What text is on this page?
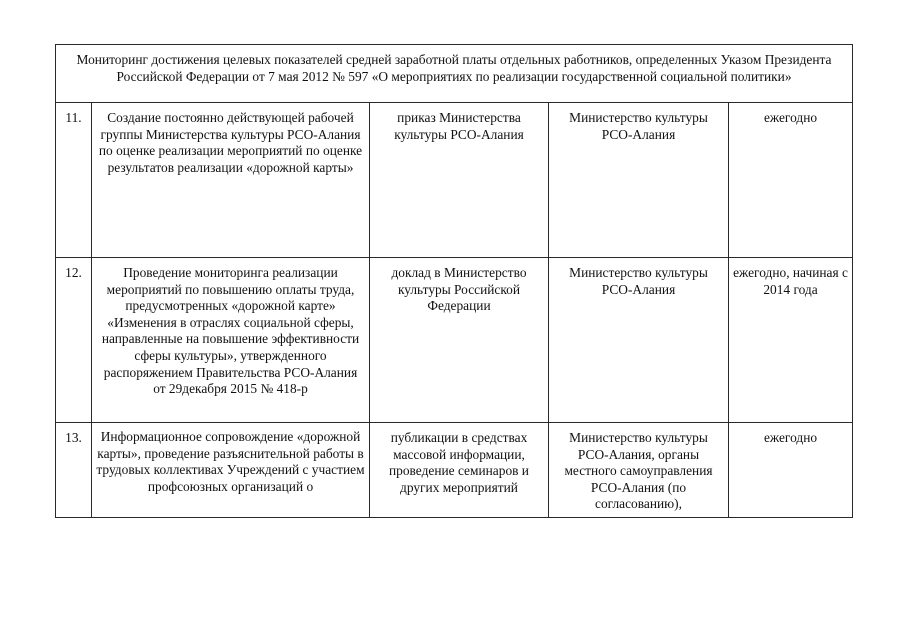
Мониторинг достижения целевых показателей средней заработной платы отдельных работников, определенных Указом Президента Российской Федерации от 7 мая 2012 № 597 «О мероприятиях по реализации государственной социальной политики»				
11.	Создание постоянно действующей рабочей группы Министерства культуры РСО-Алания по оценке реализации мероприятий по оценке результатов реализации «дорожной карты»	приказ Министерства культуры РСО-Алания	Министерство культуры РСО-Алания	ежегодно
12.	Проведение мониторинга реализации мероприятий по повышению оплаты труда, предусмотренных «дорожной карте» «Изменения в отраслях социальной сферы, направленные на повышение эффективности сферы культуры», утвержденного распоряжением Правительства РСО-Алания от 29декабря 2015 № 418-р	доклад в Министерство культуры Российской Федерации	Министерство культуры РСО-Алания	ежегодно, начиная с 2014 года
13.	Информационное сопровождение «дорожной карты», проведение разъяснительной работы в трудовых коллективах Учреждений с участием профсоюзных организаций о	публикации в средствах массовой информации, проведение семинаров и других мероприятий	Министерство культуры РСО-Алания, органы местного самоуправления РСО-Алания (по согласованию),	ежегодно
